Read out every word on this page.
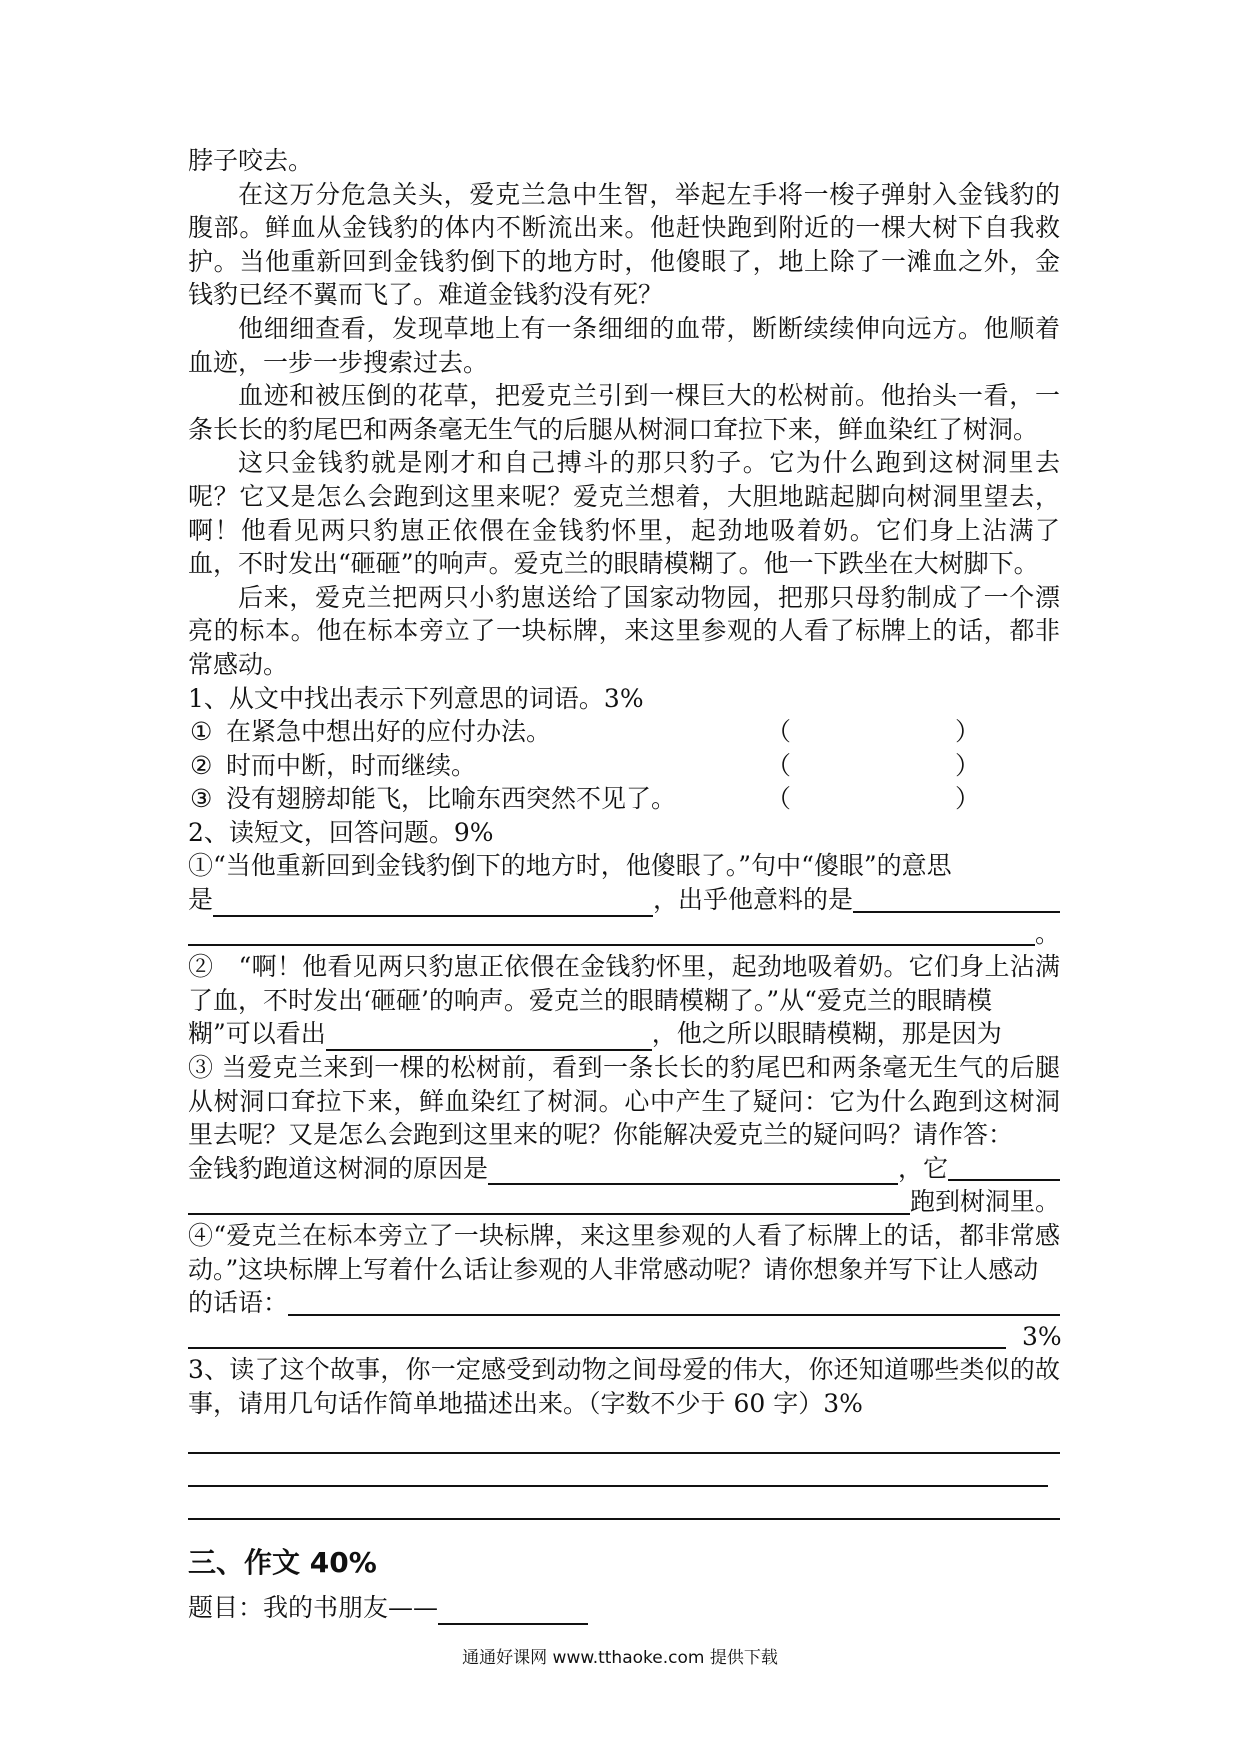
脖子咬去。

在这万分危急关头，爱克兰急中生智，举起左手将一梭子弹射入金钱豹的腹部。鲜血从金钱豹的体内不断流出来。他赶快跑到附近的一棵大树下自我救护。当他重新回到金钱豹倒下的地方时，他傻眼了，地上除了一滩血之外，金钱豹已经不翼而飞了。难道金钱豹没有死？

他细细查看，发现草地上有一条细细的血带，断断续续伸向远方。他顺着血迹，一步一步搜索过去。

血迹和被压倒的花草，把爱克兰引到一棵巨大的松树前。他抬头一看，一条长长的豹尾巴和两条毫无生气的后腿从树洞口耷拉下来，鲜血染红了树洞。

这只金钱豹就是刚才和自己搏斗的那只豹子。它为什么跑到这树洞里去呢？它又是怎么会跑到这里来呢？爱克兰想着，大胆地踮起脚向树洞里望去，啊！他看见两只豹崽正依偎在金钱豹怀里，起劲地吸着奶。它们身上沾满了血，不时发出“砸砸”的响声。爱克兰的眼睛模糊了。他一下跌坐在大树脚下。

后来，爱克兰把两只小豹崽送给了国家动物园，把那只母豹制成了一个漂亮的标本。他在标本旁立了一块标牌，来这里参观的人看了标牌上的话，都非常感动。

1、从文中找出表示下列意思的词语。3%

① 在紧急中想出好的应付办法。	（	）
② 时而中断，时而继续。	（	）
③ 没有翅膀却能飞，比喻东西突然不见了。	（	）

2、读短文，回答问题。9%

①“当他重新回到金钱豹倒下的地方时，他傻眼了。”句中“傻眼”的意思

是	，出乎他意料的是
。

②　“啊！他看见两只豹崽正依偎在金钱豹怀里，起劲地吸着奶。它们身上沾满了血，不时发出‘砸砸’的响声。爱克兰的眼睛模糊了。”从“爱克兰的眼睛模

糊”可以看出	，他之所以眼睛模糊，那是因为

③ 当爱克兰来到一棵的松树前，看到一条长长的豹尾巴和两条毫无生气的后腿从树洞口耷拉下来，鲜血染红了树洞。心中产生了疑问：它为什么跑到这树洞里去呢？又是怎么会跑到这里来的呢？你能解决爱克兰的疑问吗？请作答：

金钱豹跑道这树洞的原因是	，它
跑到树洞里。

④“爱克兰在标本旁立了一块标牌，来这里参观的人看了标牌上的话，都非常感动。”这块标牌上写着什么话让参观的人非常感动呢？请你想象并写下让人感动

的话语：
3%

3、读了这个故事，你一定感受到动物之间母爱的伟大，你还知道哪些类似的故事，请用几句话作简单地描述出来。（字数不少于 60 字）3%

三、作文 40%

题目：我的书朋友——
通通好课网 www.tthaoke.com 提供下载
